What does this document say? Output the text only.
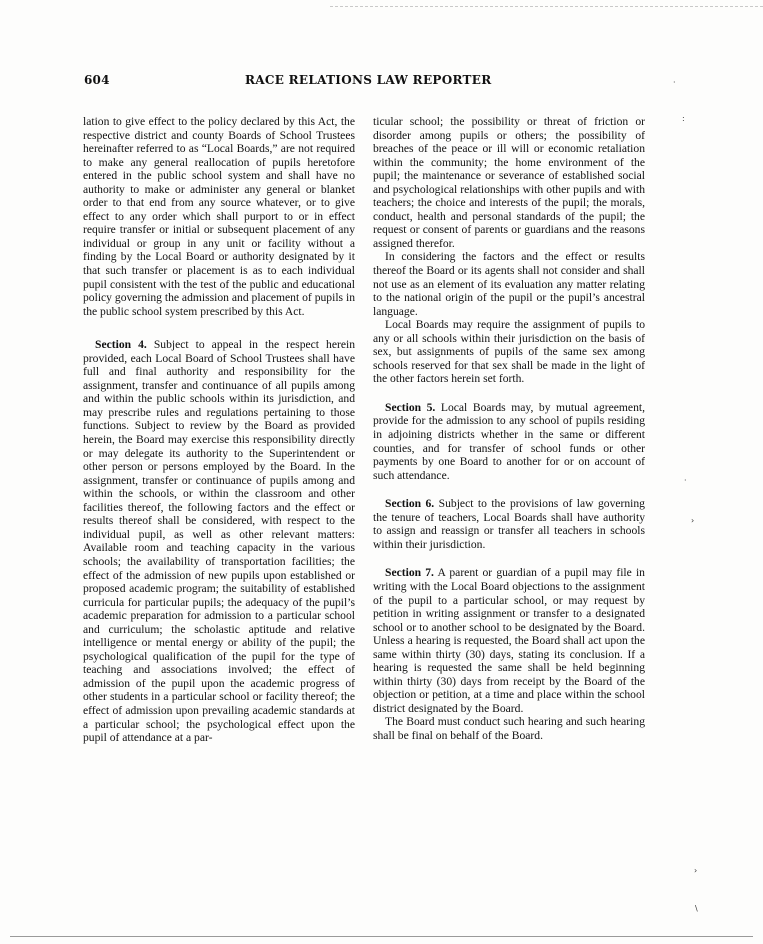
604	RACE RELATIONS LAW REPORTER

lation to give effect to the policy declared by this Act, the respective district and county Boards of School Trustees hereinafter referred to as “Local Boards,” are not required to make any general reallocation of pupils heretofore entered in the public school system and shall have no authority to make or administer any general or blanket order to that end from any source whatever, or to give effect to any order which shall purport to or in effect require transfer or initial or subsequent placement of any individual or group in any unit or facility without a finding by the Local Board or authority designated by it that such transfer or placement is as to each individual pupil consistent with the test of the public and educational policy governing the admission and placement of pupils in the public school system prescribed by this Act.

Section 4. Subject to appeal in the respect herein provided, each Local Board of School Trustees shall have full and final authority and responsibility for the assignment, transfer and continuance of all pupils among and within the public schools within its jurisdiction, and may prescribe rules and regulations pertaining to those functions. Subject to review by the Board as provided herein, the Board may exercise this responsibility directly or may delegate its authority to the Superintendent or other person or persons employed by the Board. In the assignment, transfer or continuance of pupils among and within the schools, or within the classroom and other facilities thereof, the following factors and the effect or results thereof shall be considered, with respect to the individual pupil, as well as other relevant matters: Available room and teaching capacity in the various schools; the availability of transportation facilities; the effect of the admission of new pupils upon established or proposed academic program; the suitability of established curricula for particular pupils; the adequacy of the pupil’s academic preparation for admission to a particular school and curriculum; the scholastic aptitude and relative intelligence or mental energy or ability of the pupil; the psychological qualification of the pupil for the type of teaching and associations involved; the effect of admission of the pupil upon the academic progress of other students in a particular school or facility thereof; the effect of admission upon prevailing academic standards at a particular school; the psychological effect upon the pupil of attendance at a par-

ticular school; the possibility or threat of friction or disorder among pupils or others; the possibility of breaches of the peace or ill will or economic retaliation within the community; the home environment of the pupil; the maintenance or severance of established social and psychological relationships with other pupils and with teachers; the choice and interests of the pupil; the morals, conduct, health and personal standards of the pupil; the request or consent of parents or guardians and the reasons assigned therefor.

In considering the factors and the effect or results thereof the Board or its agents shall not consider and shall not use as an element of its evaluation any matter relating to the national origin of the pupil or the pupil’s ancestral language.

Local Boards may require the assignment of pupils to any or all schools within their jurisdiction on the basis of sex, but assignments of pupils of the same sex among schools reserved for that sex shall be made in the light of the other factors herein set forth.

Section 5. Local Boards may, by mutual agreement, provide for the admission to any school of pupils residing in adjoining districts whether in the same or different counties, and for transfer of school funds or other payments by one Board to another for or on account of such attendance.

Section 6. Subject to the provisions of law governing the tenure of teachers, Local Boards shall have authority to assign and reassign or transfer all teachers in schools within their jurisdiction.

Section 7. A parent or guardian of a pupil may file in writing with the Local Board objections to the assignment of the pupil to a particular school, or may request by petition in writing assignment or transfer to a designated school or to another school to be designated by the Board. Unless a hearing is requested, the Board shall act upon the same within thirty (30) days, stating its conclusion. If a hearing is requested the same shall be held beginning within thirty (30) days from receipt by the Board of the objection or petition, at a time and place within the school district designated by the Board.

The Board must conduct such hearing and such hearing shall be final on behalf of the Board.

·
:
·
›
›
\
